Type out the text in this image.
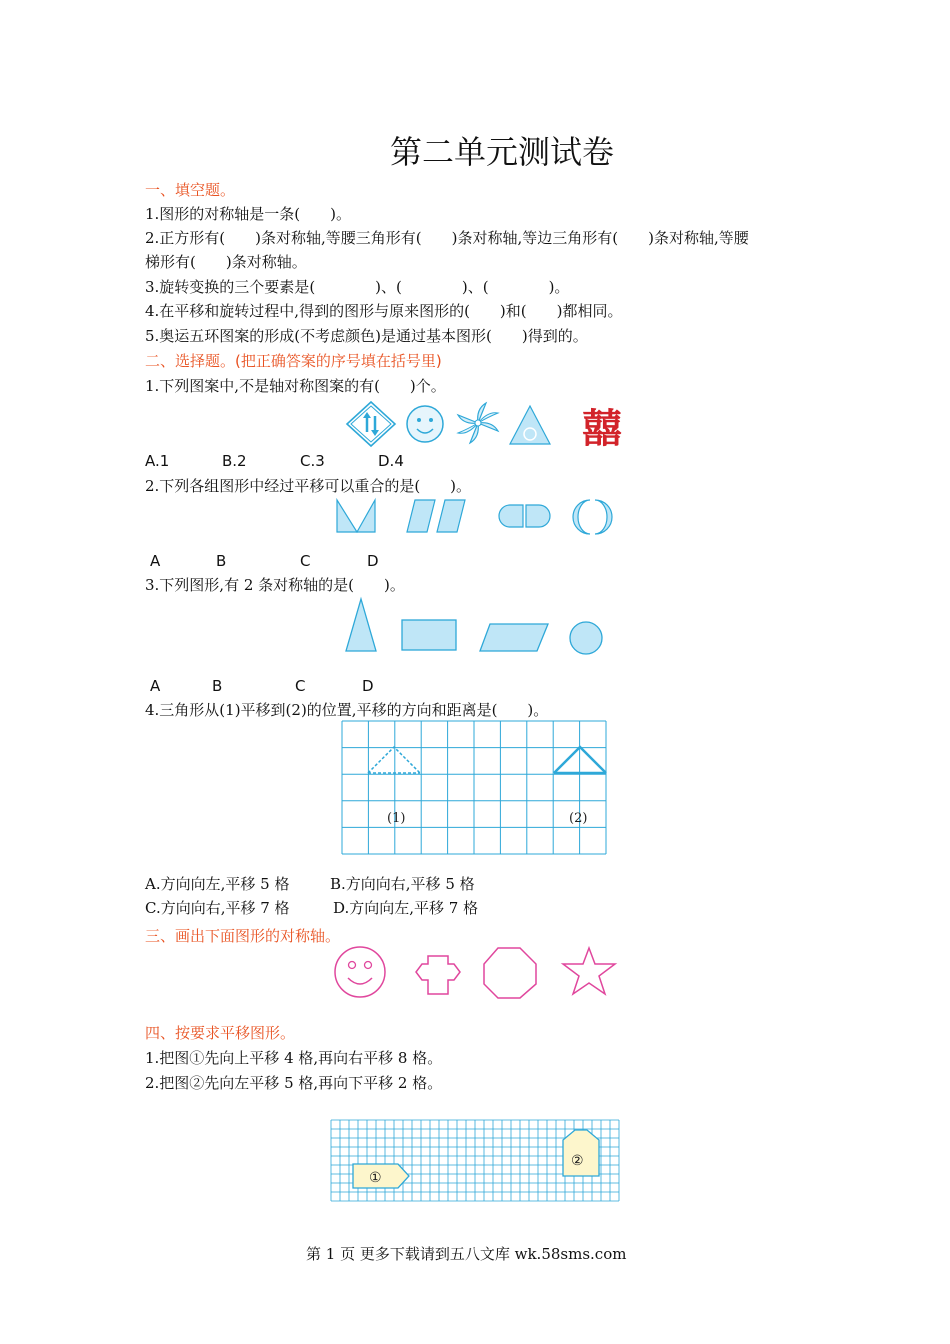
第二单元测试卷
一、填空题。
1.图形的对称轴是一条(　　)。
2.正方形有(　　)条对称轴,等腰三角形有(　　)条对称轴,等边三角形有(　　)条对称轴,等腰
梯形有(　　)条对称轴。
3.旋转变换的三个要素是(　　　　)、(　　　　)、(　　　　)。
4.在平移和旋转过程中,得到的图形与原来图形的(　　)和(　　)都相同。
5.奥运五环图案的形成(不考虑颜色)是通过基本图形(　　)得到的。
二、选择题。(把正确答案的序号填在括号里)
1.下列图案中,不是轴对称图案的有(　　)个。
囍
A.1	B.2	C.3	D.4
2.下列各组图形中经过平移可以重合的是(　　)。
A	B	C	D
3.下列图形,有 2 条对称轴的是(　　)。
A	B	C	D
4.三角形从(1)平移到(2)的位置,平移的方向和距离是(　　)。
(1)	(2)
A.方向向左,平移 5 格	B.方向向右,平移 5 格
C.方向向右,平移 7 格	D.方向向左,平移 7 格
三、画出下面图形的对称轴。
四、按要求平移图形。
1.把图①先向上平移 4 格,再向右平移 8 格。
2.把图②先向左平移 5 格,再向下平移 2 格。
①
②
第 1 页 更多下载请到五八文库 wk.58sms.com
